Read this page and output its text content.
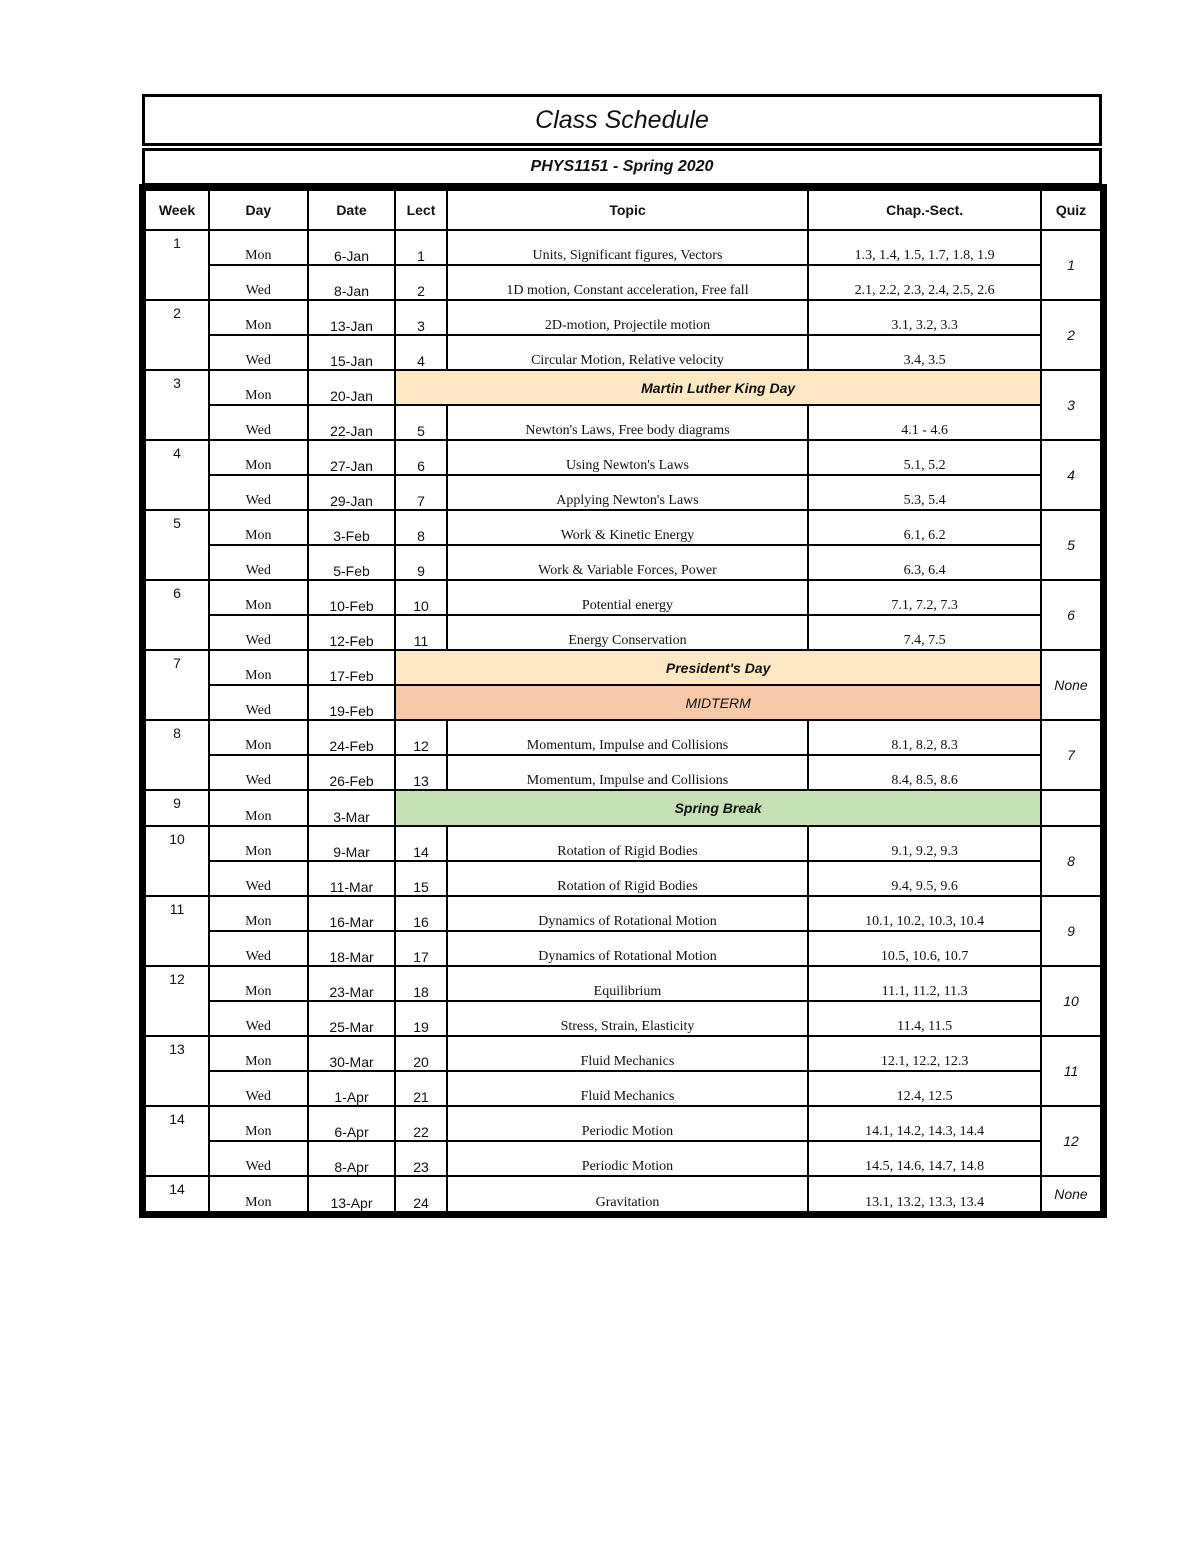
Class Schedule
PHYS1151 - Spring 2020
Week	Day	Date	Lect	Topic	Chap.-Sect.	Quiz
1	Mon	6-Jan	1	Units, Significant figures, Vectors	1.3, 1.4, 1.5, 1.7, 1.8, 1.9	1
	Wed	8-Jan	2	1D motion, Constant acceleration, Free fall	2.1, 2.2, 2.3, 2.4, 2.5, 2.6	
2	Mon	13-Jan	3	2D-motion, Projectile motion	3.1, 3.2, 3.3	2
	Wed	15-Jan	4	Circular Motion, Relative velocity	3.4, 3.5	
3	Mon	20-Jan	Martin Luther King Day			3
	Wed	22-Jan	5	Newton's Laws, Free body diagrams	4.1 - 4.6	
4	Mon	27-Jan	6	Using Newton's Laws	5.1, 5.2	4
	Wed	29-Jan	7	Applying Newton's Laws	5.3, 5.4	
5	Mon	3-Feb	8	Work & Kinetic Energy	6.1, 6.2	5
	Wed	5-Feb	9	Work & Variable Forces, Power	6.3, 6.4	
6	Mon	10-Feb	10	Potential energy	7.1, 7.2, 7.3	6
	Wed	12-Feb	11	Energy Conservation	7.4, 7.5	
7	Mon	17-Feb	President's Day			None
	Wed	19-Feb	MIDTERM			
8	Mon	24-Feb	12	Momentum, Impulse and Collisions	8.1, 8.2, 8.3	7
	Wed	26-Feb	13	Momentum, Impulse and Collisions	8.4, 8.5, 8.6	
9	Mon	3-Mar	Spring Break			
10	Mon	9-Mar	14	Rotation of Rigid Bodies	9.1, 9.2, 9.3	8
	Wed	11-Mar	15	Rotation of Rigid Bodies	9.4, 9.5, 9.6	
11	Mon	16-Mar	16	Dynamics of Rotational Motion	10.1, 10.2, 10.3, 10.4	9
	Wed	18-Mar	17	Dynamics of Rotational Motion	10.5, 10.6, 10.7	
12	Mon	23-Mar	18	Equilibrium	11.1, 11.2, 11.3	10
	Wed	25-Mar	19	Stress, Strain, Elasticity	11.4, 11.5	
13	Mon	30-Mar	20	Fluid Mechanics	12.1, 12.2, 12.3	11
	Wed	1-Apr	21	Fluid Mechanics	12.4, 12.5	
14	Mon	6-Apr	22	Periodic Motion	14.1, 14.2, 14.3, 14.4	12
	Wed	8-Apr	23	Periodic Motion	14.5, 14.6, 14.7, 14.8	
14	Mon	13-Apr	24	Gravitation	13.1, 13.2, 13.3, 13.4	None
